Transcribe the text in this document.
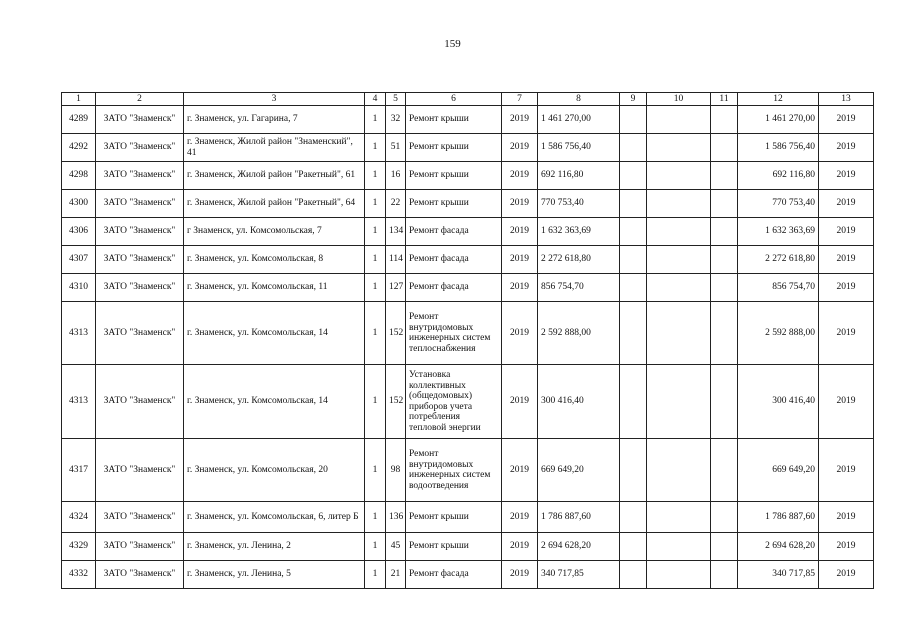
159
1	2	3	4	5	6	7	8	9	10	11	12	13
4289	ЗАТО "Знаменск"	г. Знаменск, ул. Гагарина, 7	1	32	Ремонт крыши	2019	1 461 270,00				1 461 270,00	2019
4292	ЗАТО "Знаменск"	г. Знаменск, Жилой район "Знаменский", 41	1	51	Ремонт крыши	2019	1 586 756,40				1 586 756,40	2019
4298	ЗАТО "Знаменск"	г. Знаменск, Жилой район "Ракетный", 61	1	16	Ремонт крыши	2019	692 116,80				692 116,80	2019
4300	ЗАТО "Знаменск"	г. Знаменск, Жилой район "Ракетный", 64	1	22	Ремонт крыши	2019	770 753,40				770 753,40	2019
4306	ЗАТО "Знаменск"	г Знаменск, ул. Комсомольская, 7	1	134	Ремонт фасада	2019	1 632 363,69				1 632 363,69	2019
4307	ЗАТО "Знаменск"	г. Знаменск, ул. Комсомольская, 8	1	114	Ремонт фасада	2019	2 272 618,80				2 272 618,80	2019
4310	ЗАТО "Знаменск"	г. Знаменск, ул. Комсомольская, 11	1	127	Ремонт фасада	2019	856 754,70				856 754,70	2019
4313	ЗАТО "Знаменск"	г. Знаменск, ул. Комсомольская, 14	1	152	Ремонт внутридомовых инженерных систем теплоснабжения	2019	2 592 888,00				2 592 888,00	2019
4313	ЗАТО "Знаменск"	г. Знаменск, ул. Комсомольская, 14	1	152	Установка коллективных (общедомовых) приборов учета потребления тепловой энергии	2019	300 416,40				300 416,40	2019
4317	ЗАТО "Знаменск"	г. Знаменск, ул. Комсомольская, 20	1	98	Ремонт внутридомовых инженерных систем водоотведения	2019	669 649,20				669 649,20	2019
4324	ЗАТО "Знаменск"	г. Знаменск, ул. Комсомольская, 6, литер Б	1	136	Ремонт крыши	2019	1 786 887,60				1 786 887,60	2019
4329	ЗАТО "Знаменск"	г. Знаменск, ул. Ленина, 2	1	45	Ремонт крыши	2019	2 694 628,20				2 694 628,20	2019
4332	ЗАТО "Знаменск"	г. Знаменск, ул. Ленина, 5	1	21	Ремонт фасада	2019	340 717,85				340 717,85	2019
